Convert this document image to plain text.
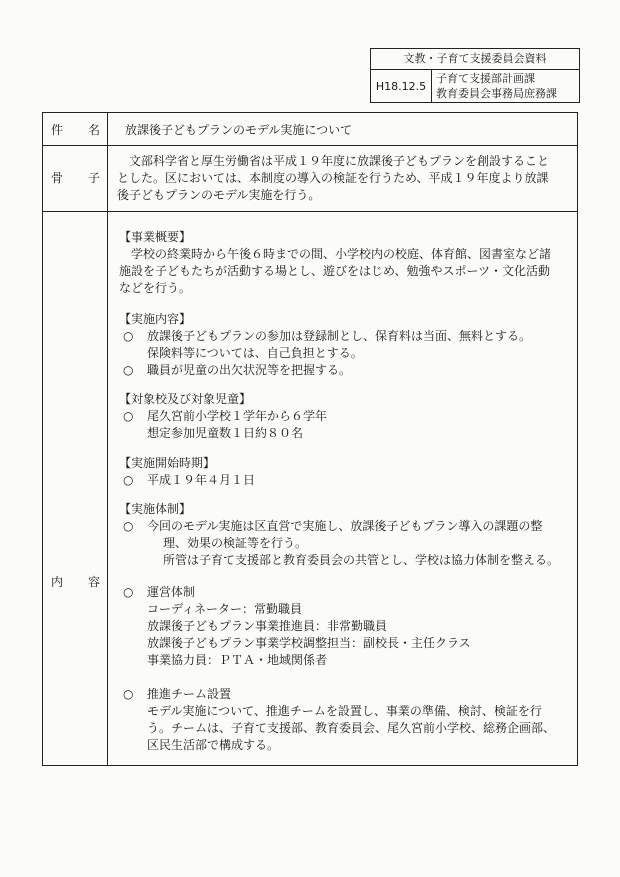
文教・子育て支援委員会資料
H18.12.5
子育て支援部計画課
教育委員会事務局庶務課
件 名 放課後子どもプランのモデル実施について
骨 子
　文部科学省と厚生労働省は平成１９年度に放課後子どもプランを創設すること
とした。区においては、本制度の導入の検証を行うため、平成１９年度より放課
後子どもプランのモデル実施を行う。
内 容
【事業概要】
　学校の終業時から午後６時までの間、小学校内の校庭、体育館、図書室など諸
施設を子どもたちが活動する場とし、遊びをはじめ、勉強やスポーツ・文化活動
などを行う。
【実施内容】
○ 放課後子どもプランの参加は登録制とし、保育料は当面、無料とする。
保険料等については、自己負担とする。
○ 職員が児童の出欠状況等を把握する。
【対象校及び対象児童】
○ 尾久宮前小学校１学年から６学年
想定参加児童数１日約８０名
【実施開始時期】
○ 平成１９年４月１日
【実施体制】
○ 今回のモデル実施は区直営で実施し、放課後子どもプラン導入の課題の整
理、効果の検証等を行う。
所管は子育て支援部と教育委員会の共管とし、学校は協力体制を整える。
○ 運営体制
コーディネーター：常勤職員
放課後子どもプラン事業推進員：非常勤職員
放課後子どもプラン事業学校調整担当：副校長・主任クラス
事業協力員：ＰＴＡ・地域関係者
○ 推進チーム設置
モデル実施について、推進チームを設置し、事業の準備、検討、検証を行
う。チームは、子育て支援部、教育委員会、尾久宮前小学校、総務企画部、
区民生活部で構成する。
